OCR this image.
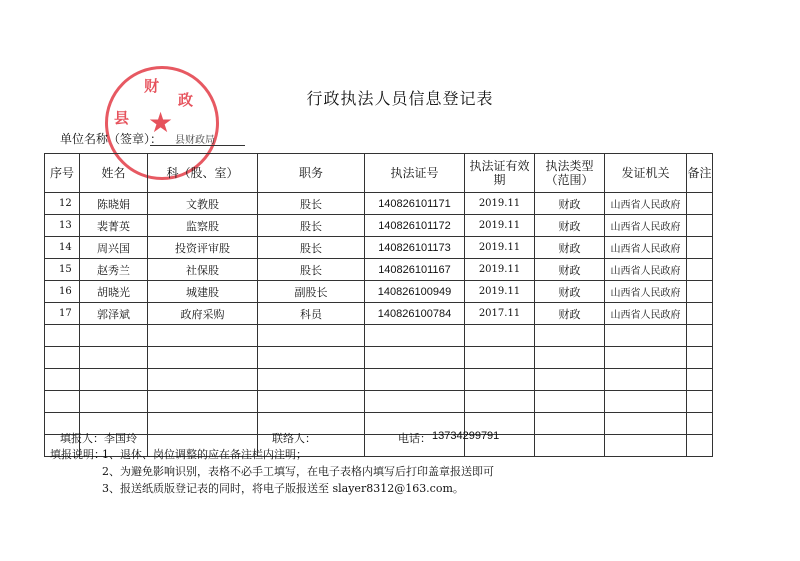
县
财
政
★
行政执法人员信息登记表
单位名称（签章）： 县财政局
序号	姓名	科（股、室）	职务	执法证号	执法证有效期	执法类型（范围）	发证机关	备注
12	陈晓娟	文教股	股长	140826101171	2019.11	财政	山西省人民政府	
13	裴菁英	监察股	股长	140826101172	2019.11	财政	山西省人民政府	
14	周兴国	投资评审股	股长	140826101173	2019.11	财政	山西省人民政府	
15	赵秀兰	社保股	股长	140826101167	2019.11	财政	山西省人民政府	
16	胡晓光	城建股	副股长	140826100949	2019.11	财政	山西省人民政府	
17	郭泽斌	政府采购	科员	140826100784	2017.11	财政	山西省人民政府	

填报人： 李国玲	联络人：	电话： 13734299791
填报说明：
1、退休、岗位调整的应在备注栏内注明；
2、为避免影响识别，表格不必手工填写，在电子表格内填写后打印盖章报送即可
3、报送纸质版登记表的同时，将电子版报送至 slayer8312@163.com。
